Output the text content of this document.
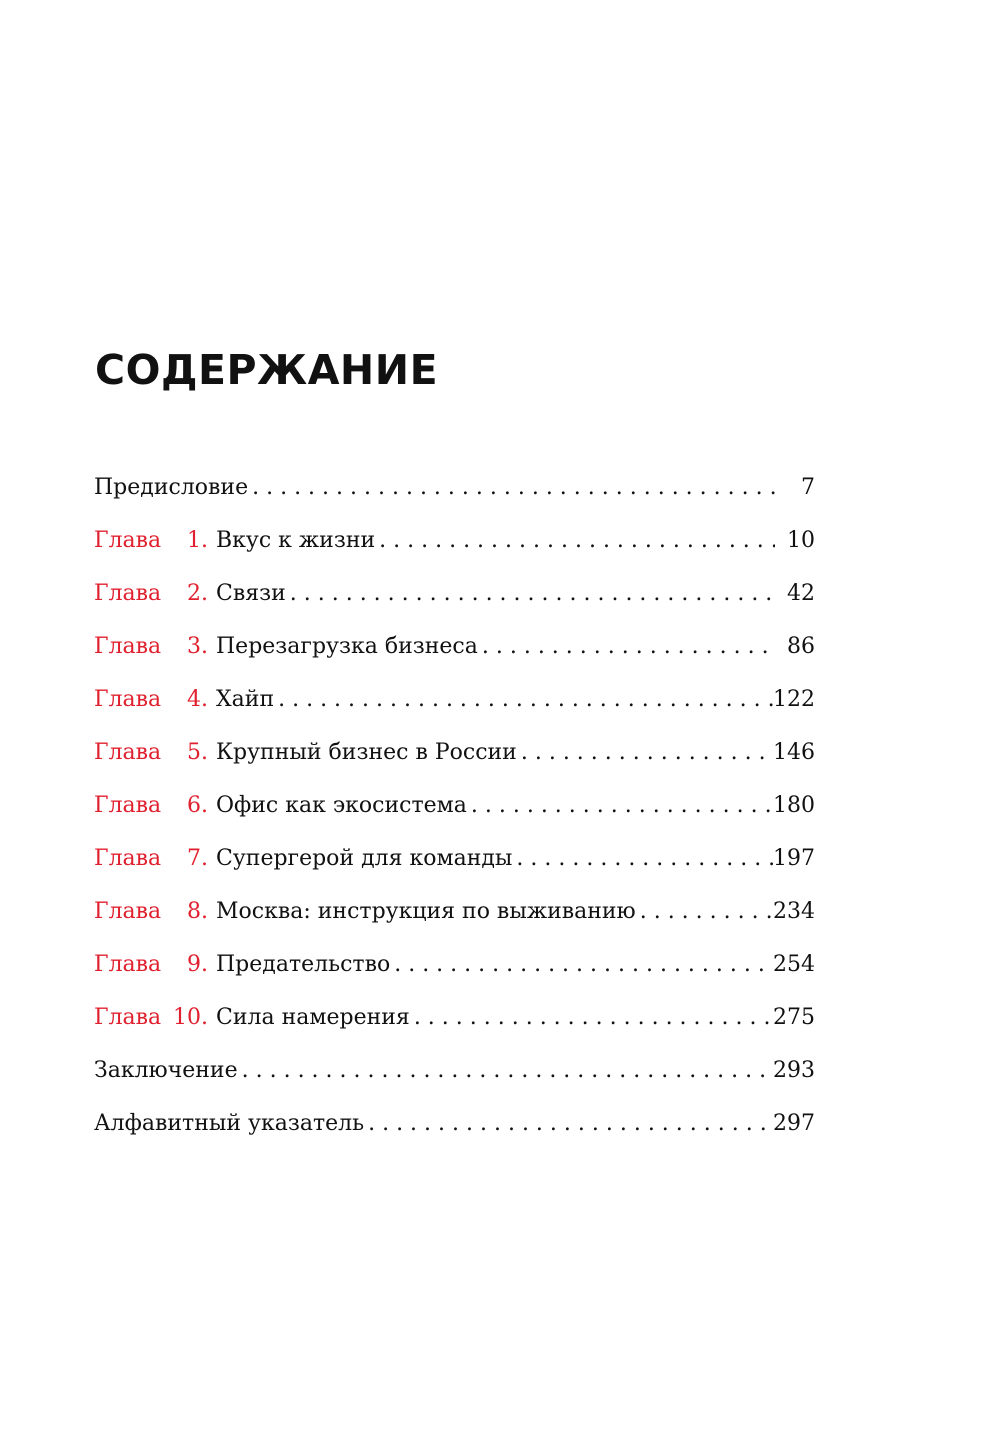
СОДЕРЖАНИЕ
Предисловие . . .	7
Глава	1. Вкус к жизни . . .	10
Глава	2. Связи . . .	42
Глава	3. Перезагрузка бизнеса . . .	86
Глава	4. Хайп . . .	122
Глава	5. Крупный бизнес в России . . .	146
Глава	6. Офис как экосистема . . .	180
Глава	7. Супергерой для команды . . .	197
Глава	8. Москва: инструкция по выживанию . . .	234
Глава	9. Предательство . . .	254
Глава 10. Сила намерения . . .	275
Заключение . . .	293
Алфавитный указатель . . .	297
